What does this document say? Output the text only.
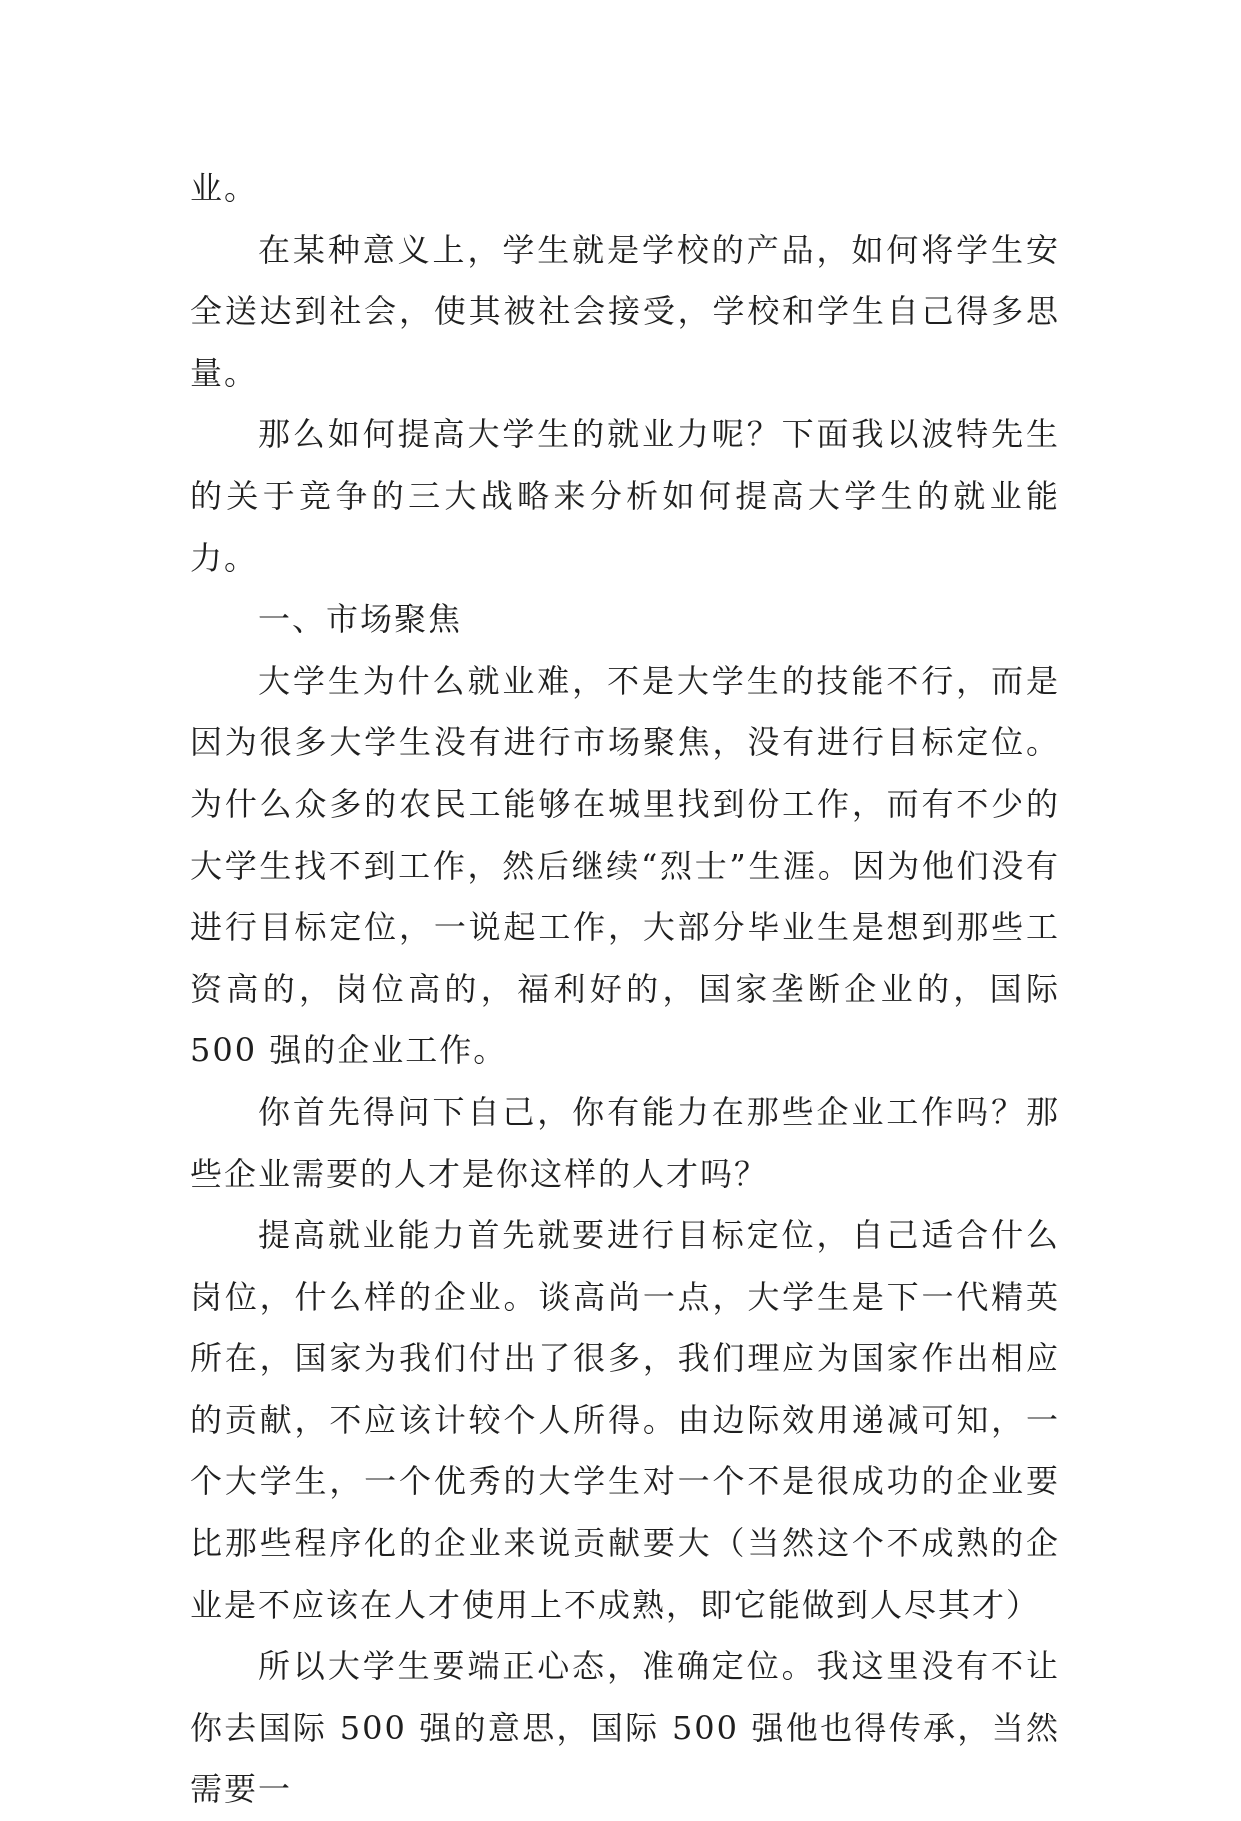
业。

在某种意义上，学生就是学校的产品，如何将学生安全送达到社会，使其被社会接受，学校和学生自己得多思量。

那么如何提高大学生的就业力呢？下面我以波特先生的关于竞争的三大战略来分析如何提高大学生的就业能力。

一、市场聚焦

大学生为什么就业难，不是大学生的技能不行，而是因为很多大学生没有进行市场聚焦，没有进行目标定位。为什么众多的农民工能够在城里找到份工作，而有不少的大学生找不到工作，然后继续“烈士”生涯。因为他们没有进行目标定位，一说起工作，大部分毕业生是想到那些工资高的，岗位高的，福利好的，国家垄断企业的，国际 500 强的企业工作。

你首先得问下自己，你有能力在那些企业工作吗？那些企业需要的人才是你这样的人才吗？

提高就业能力首先就要进行目标定位，自己适合什么岗位，什么样的企业。谈高尚一点，大学生是下一代精英所在，国家为我们付出了很多，我们理应为国家作出相应的贡献，不应该计较个人所得。由边际效用递减可知，一个大学生，一个优秀的大学生对一个不是很成功的企业要比那些程序化的企业来说贡献要大（当然这个不成熟的企业是不应该在人才使用上不成熟，即它能做到人尽其才）

所以大学生要端正心态，准确定位。我这里没有不让你去国际 500 强的意思，国际 500 强他也得传承，当然需要一
